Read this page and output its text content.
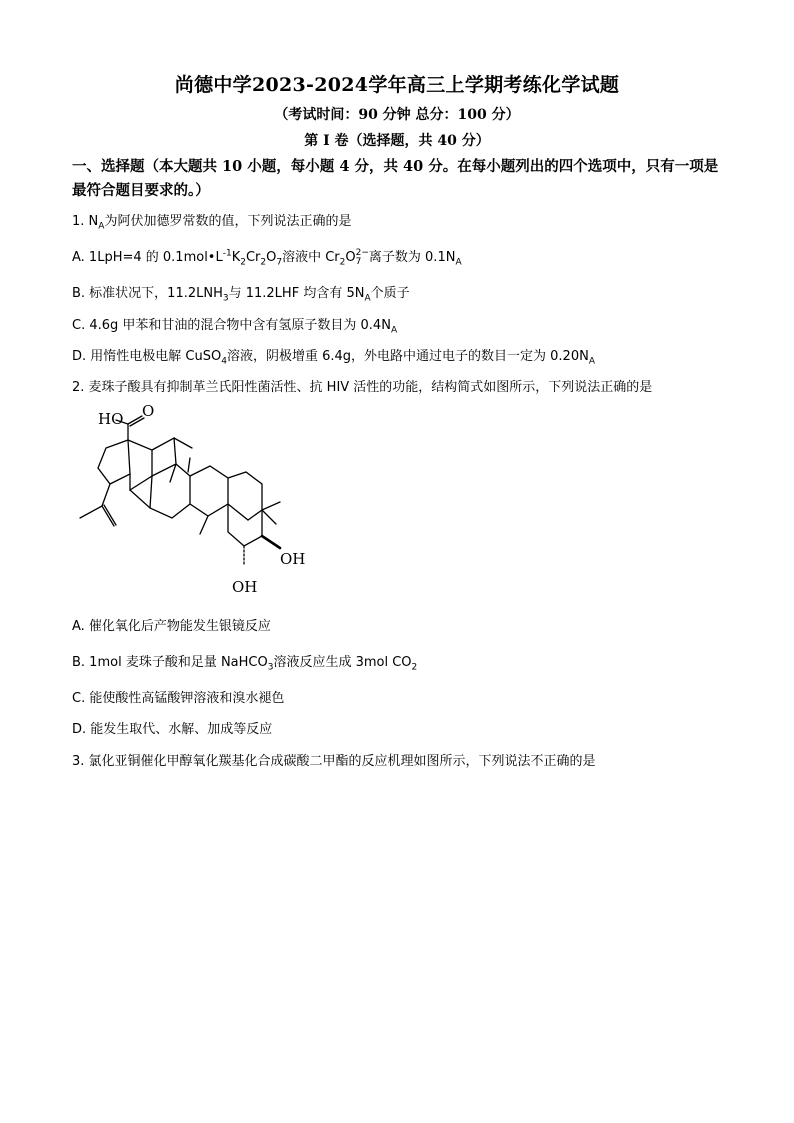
尚德中学2023-2024学年高三上学期考练化学试题
（考试时间：90 分钟 总分：100 分）
第 I 卷（选择题，共 40 分）
一、选择题（本大题共 10 小题，每小题 4 分，共 40 分。在每小题列出的四个选项中，只有一项是最符合题目要求的。）
1. $N_A$为阿伏加德罗常数的值，下列说法正确的是
A. 1LpH=4 的 $0.1mol•L^{-1}K_2Cr_2O_7$溶液中 $Cr_2O$ 2−
7 离子数为 $0.1N_A$
B. 标准状况下，$11.2LNH_3$与 11.2LHF 均含有 $5N_A$个质子
C. 4.6g 甲苯和甘油的混合物中含有氢原子数目为 $0.4N_A$
D. 用惰性电极电解 CuSO$_4$溶液，阴极增重 6.4g，外电路中通过电子的数目一定为 $0.20N_A$
2. 麦珠子酸具有抑制革兰氏阳性菌活性、抗 HIV 活性的功能，结构简式如图所示，下列说法正确的是
HO O
OH
OH
A. 催化氧化后产物能发生银镜反应
B. 1mol 麦珠子酸和足量 NaHCO$_3$溶液反应生成 3mol $CO_2$
C. 能使酸性高锰酸钾溶液和溴水褪色
D. 能发生取代、水解、加成等反应
3. 氯化亚铜催化甲醇氧化羰基化合成碳酸二甲酯的反应机理如图所示，下列说法不正确的是
